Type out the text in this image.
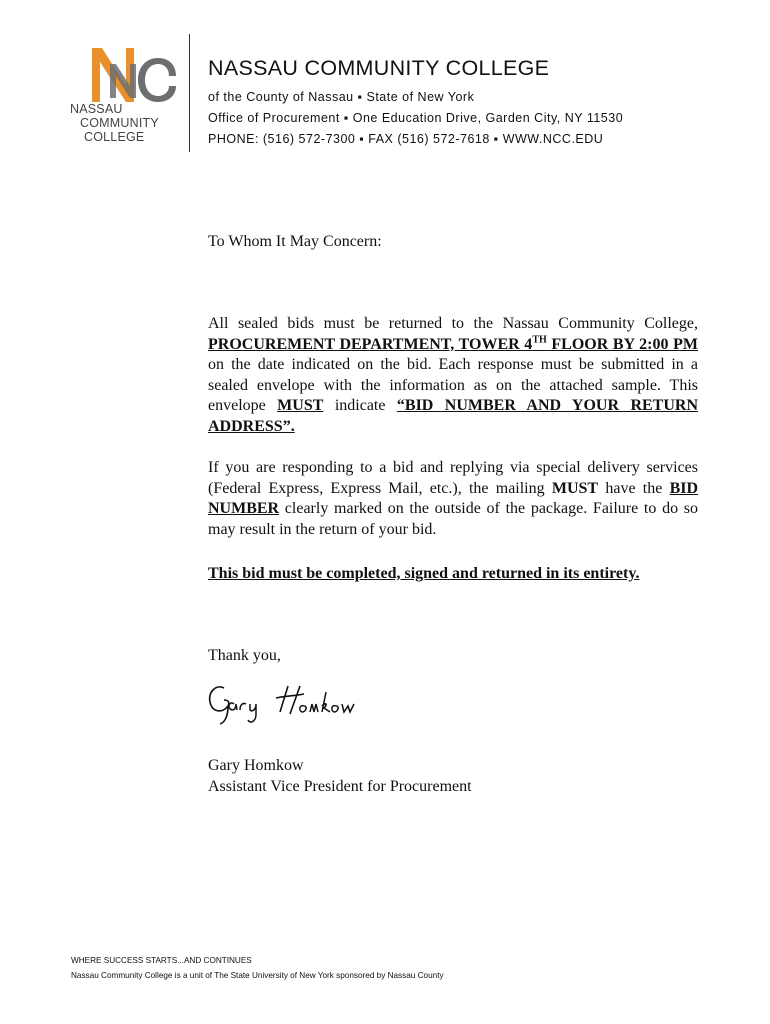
NASSAU
COMMUNITY
COLLEGE
NASSAU COMMUNITY COLLEGE
of the County of Nassau ▪ State of New York
Office of Procurement ▪ One Education Drive, Garden City, NY 11530
PHONE: (516) 572-7300 ▪ FAX (516) 572-7618 ▪ WWW.NCC.EDU

To Whom It May Concern:

All sealed bids must be returned to the Nassau Community College, PROCUREMENT DEPARTMENT, TOWER 4TH FLOOR BY 2:00 PM on the date indicated on the bid. Each response must be submitted in a sealed envelope with the information as on the attached sample. This envelope MUST indicate “BID NUMBER AND YOUR RETURN ADDRESS”.

If you are responding to a bid and replying via special delivery services (Federal Express, Express Mail, etc.), the mailing MUST have the BID NUMBER clearly marked on the outside of the package. Failure to do so may result in the return of your bid.

This bid must be completed, signed and returned in its entirety.

Thank you,

Gary Homkow
Assistant Vice President for Procurement
WHERE SUCCESS STARTS...AND CONTINUES
Nassau Community College is a unit of The State University of New York sponsored by Nassau County
